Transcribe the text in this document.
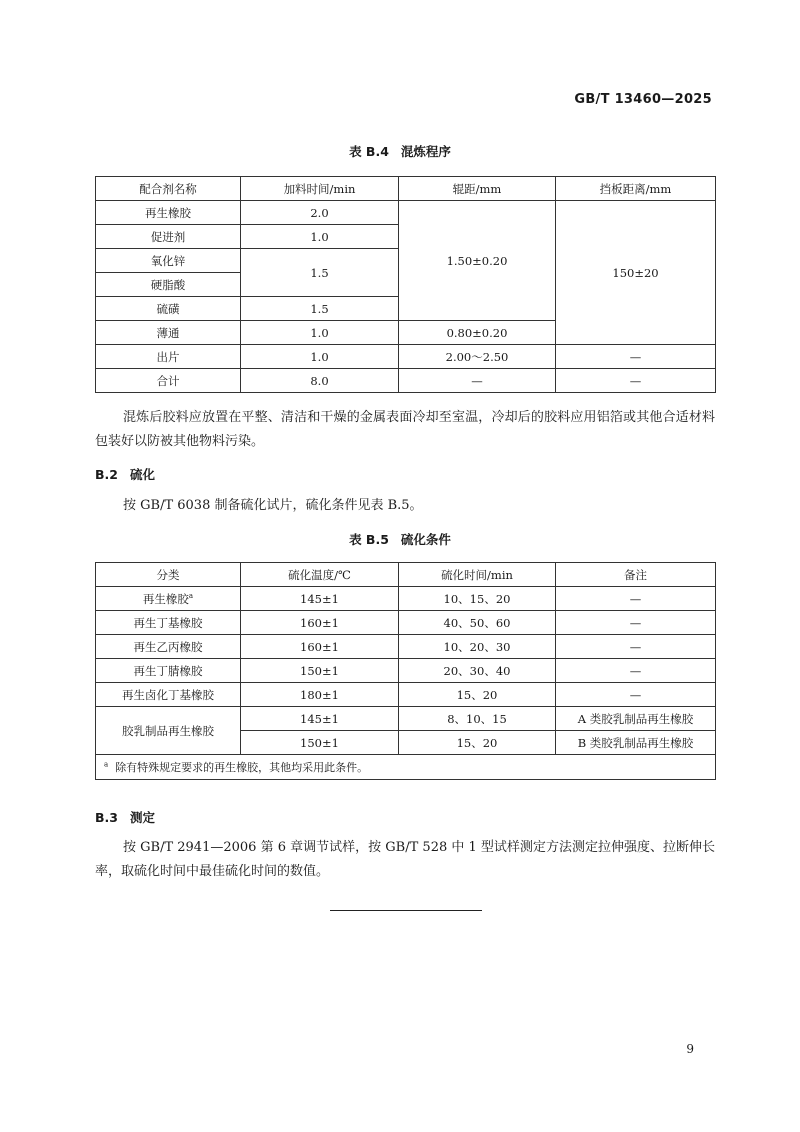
GB/T 13460—2025
表 B.4 混炼程序
配合剂名称	加料时间/min	辊距/mm	挡板距离/mm
再生橡胶	2.0	1.50±0.20	150±20
促进剂	1.0		
氧化锌	1.5		
硬脂酸			
硫磺	1.5		
薄通	1.0	0.80±0.20	
出片	1.0	2.00～2.50	—
合计	8.0	—	—
混炼后胶料应放置在平整、清洁和干燥的金属表面冷却至室温，冷却后的胶料应用铝箔或其他合适材料包装好以防被其他物料污染。
B.2 硫化
按 GB/T 6038 制备硫化试片，硫化条件见表 B.5。
表 B.5 硫化条件
分类	硫化温度/℃	硫化时间/min	备注
再生橡胶$^a$	145±1	10、15、20	—
再生丁基橡胶	160±1	40、50、60	—
再生乙丙橡胶	160±1	10、20、30	—
再生丁腈橡胶	150±1	20、30、40	—
再生卤化丁基橡胶	180±1	15、20	—
胶乳制品再生橡胶	145±1	8、10、15	A 类胶乳制品再生橡胶
	150±1	15、20	B 类胶乳制品再生橡胶
$^a$ 除有特殊规定要求的再生橡胶，其他均采用此条件。			
B.3 测定
按 GB/T 2941—2006 第 6 章调节试样，按 GB/T 528 中 1 型试样测定方法测定拉伸强度、拉断伸长率，取硫化时间中最佳硫化时间的数值。
9
